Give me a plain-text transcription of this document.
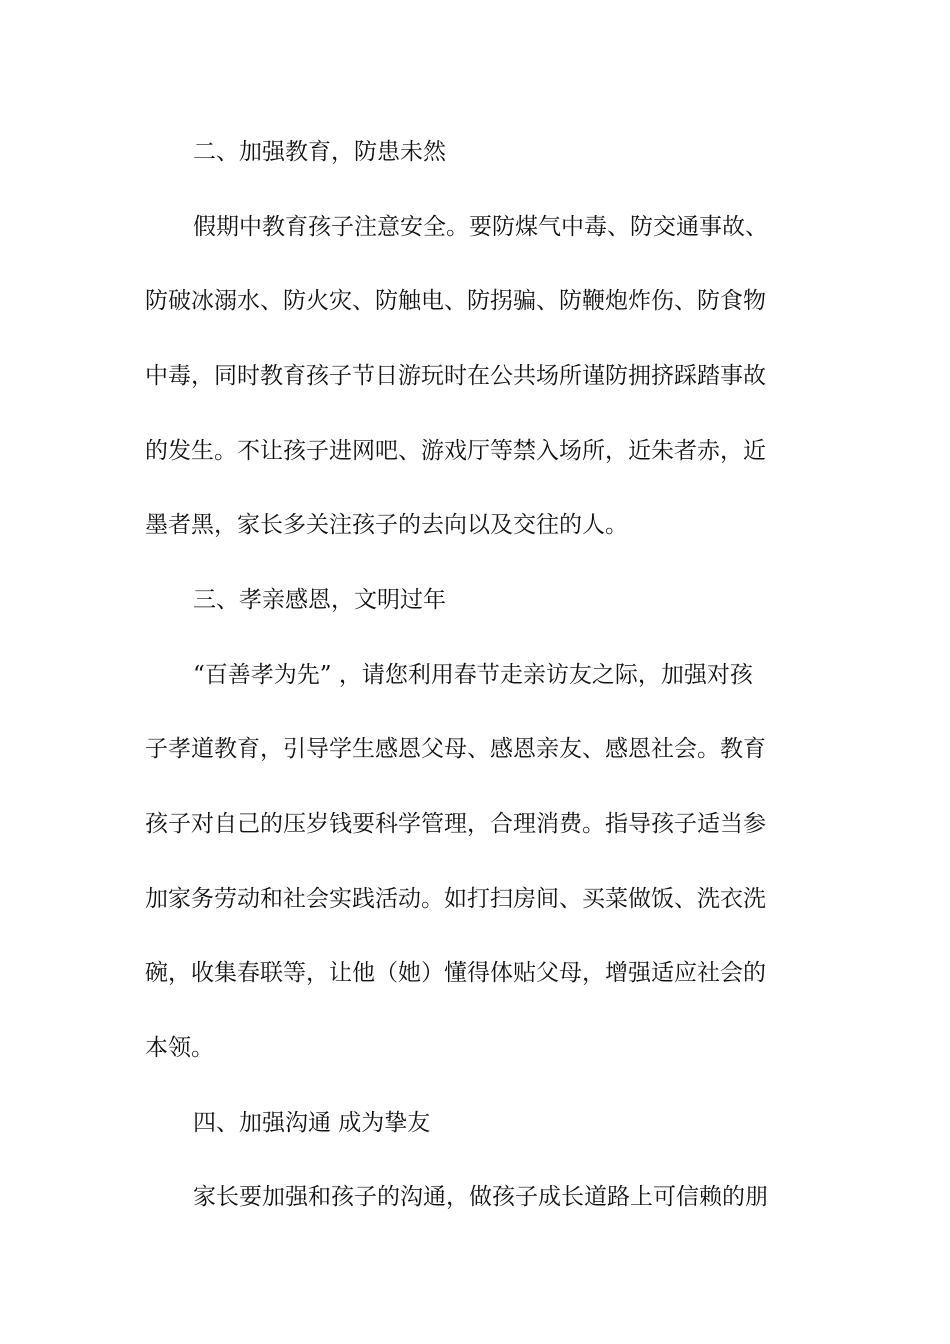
二、加强教育，防患未然
假期中教育孩子注意安全。要防煤气中毒、防交通事故、
防破冰溺水、防火灾、防触电、防拐骗、防鞭炮炸伤、防食物
中毒，同时教育孩子节日游玩时在公共场所谨防拥挤踩踏事故
的发生。不让孩子进网吧、游戏厅等禁入场所，近朱者赤，近
墨者黑，家长多关注孩子的去向以及交往的人。
三、孝亲感恩，文明过年
“百善孝为先” ，请您利用春节走亲访友之际，加强对孩
子孝道教育，引导学生感恩父母、感恩亲友、感恩社会。教育
孩子对自己的压岁钱要科学管理，合理消费。指导孩子适当参
加家务劳动和社会实践活动。如打扫房间、买菜做饭、洗衣洗
碗，收集春联等，让他（她）懂得体贴父母，增强适应社会的
本领。
四、加强沟通 成为挚友
家长要加强和孩子的沟通，做孩子成长道路上可信赖的朋
